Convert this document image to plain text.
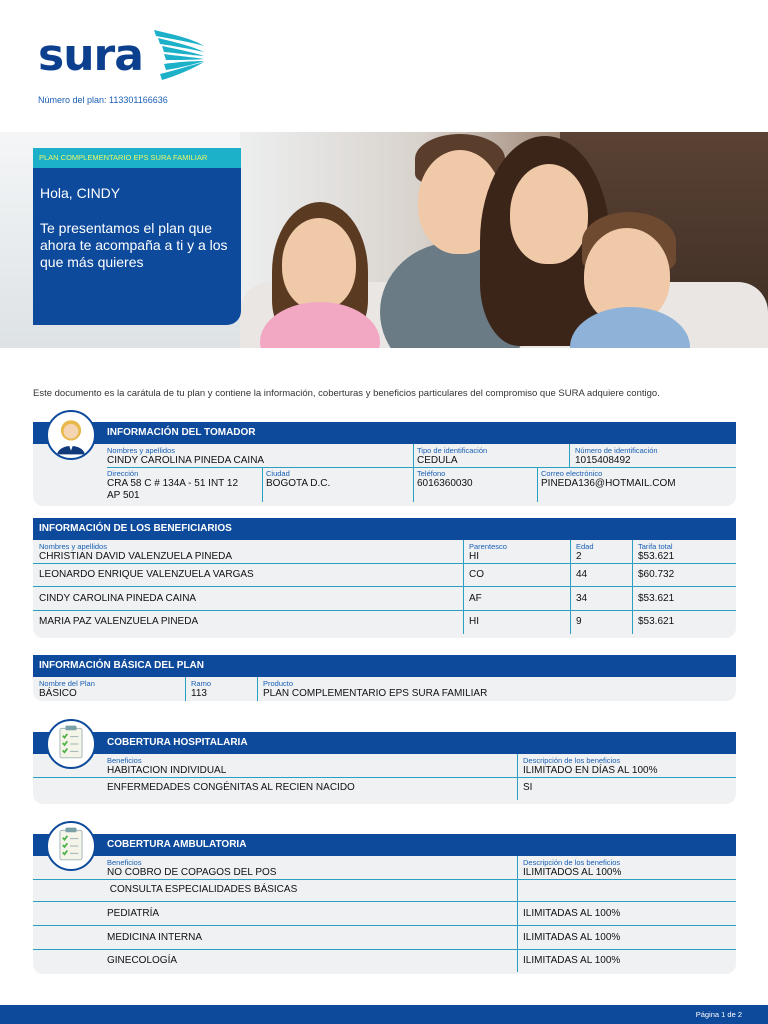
sura
Número del plan: 113301166636
PLAN COMPLEMENTARIO EPS SURA FAMILIAR
Hola, CINDY
Te presentamos el plan que ahora te acompaña a ti y a los que más quieres
Este documento es la carátula de tu plan y contiene la información, coberturas y beneficios particulares del compromiso que SURA adquiere contigo.
INFORMACIÓN DEL TOMADOR
Nombres y apellidos
CINDY CAROLINA PINEDA CAINA
Tipo de identificación
CEDULA
Número de identificación
1015408492
Dirección
CRA 58 C # 134A - 51 INT 12
AP 501
Ciudad
BOGOTA D.C.
Teléfono
6016360030
Correo electrónico
PINEDA136@HOTMAIL.COM
INFORMACIÓN DE LOS BENEFICIARIOS
Nombres y apellidos	Parentesco	Edad	Tarifa total
CHRISTIAN DAVID VALENZUELA PINEDA	HI	2	$53.621
LEONARDO ENRIQUE VALENZUELA VARGAS	CO	44	$60.732
CINDY CAROLINA PINEDA CAINA	AF	34	$53.621
MARIA PAZ VALENZUELA PINEDA	HI	9	$53.621
INFORMACIÓN BÁSICA DEL PLAN
Nombre del Plan
BÁSICO
Ramo
113
Producto
PLAN COMPLEMENTARIO EPS SURA FAMILIAR
COBERTURA HOSPITALARIA
Beneficios	Descripción de los beneficios
HABITACION INDIVIDUAL	ILIMITADO EN DÍAS AL 100%
ENFERMEDADES CONGÉNITAS AL RECIEN NACIDO	SI
COBERTURA AMBULATORIA
Beneficios	Descripción de los beneficios
NO COBRO DE COPAGOS DEL POS	ILIMITADOS AL 100%
CONSULTA ESPECIALIDADES BÁSICAS
PEDIATRÍA	ILIMITADAS AL 100%
MEDICINA INTERNA	ILIMITADAS AL 100%
GINECOLOGÍA	ILIMITADAS AL 100%
Página 1 de 2
